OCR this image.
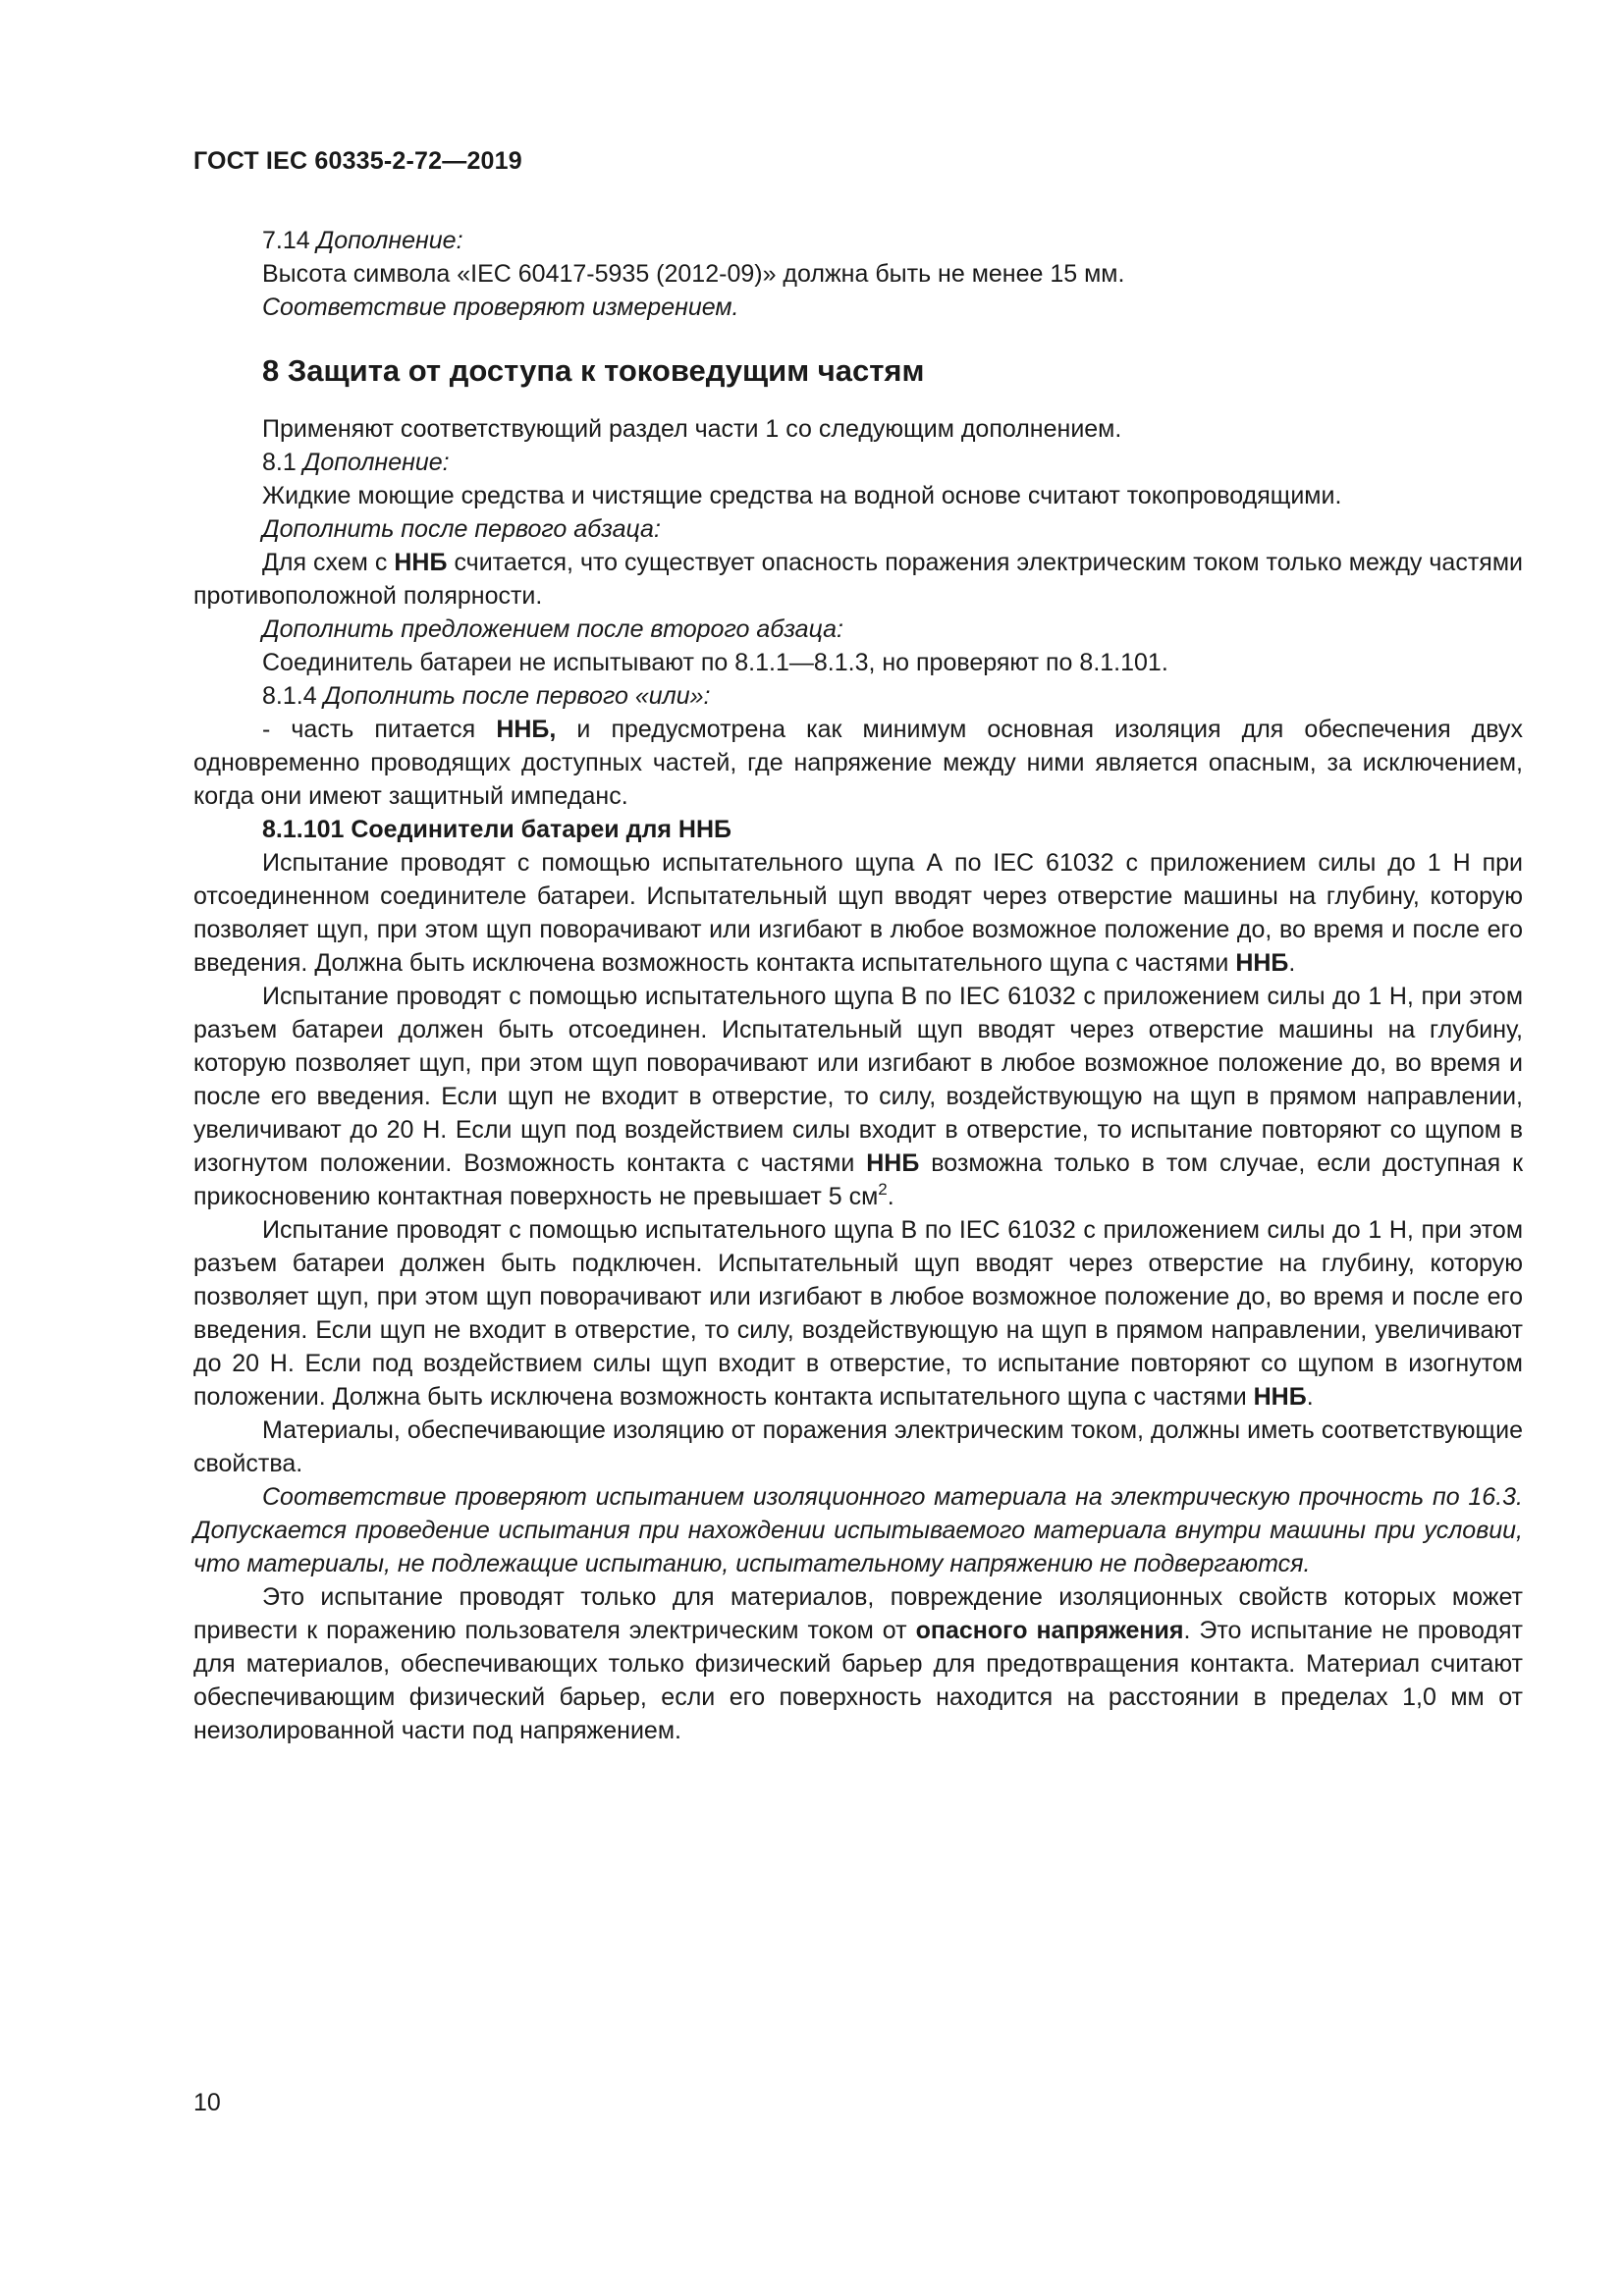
ГОСТ IEC 60335-2-72—2019

7.14 Дополнение:

Высота символа «IEC 60417-5935 (2012-09)» должна быть не менее 15 мм.

Соответствие проверяют измерением.

8 Защита от доступа к токоведущим частям

Применяют соответствующий раздел части 1 со следующим дополнением.

8.1 Дополнение:

Жидкие моющие средства и чистящие средства на водной основе считают токопроводящими.

Дополнить после первого абзаца:

Для схем с ННБ считается, что существует опасность поражения электрическим током только между частями противоположной полярности.

Дополнить предложением после второго абзаца:

Соединитель батареи не испытывают по 8.1.1—8.1.3, но проверяют по 8.1.101.

8.1.4 Дополнить после первого «или»:

- часть питается ННБ, и предусмотрена как минимум основная изоляция для обеспечения двух одновременно проводящих доступных частей, где напряжение между ними является опасным, за исключением, когда они имеют защитный импеданс.

8.1.101 Соединители батареи для ННБ

Испытание проводят с помощью испытательного щупа А по IEC 61032 с приложением силы до 1 Н при отсоединенном соединителе батареи. Испытательный щуп вводят через отверстие машины на глубину, которую позволяет щуп, при этом щуп поворачивают или изгибают в любое возможное положение до, во время и после его введения. Должна быть исключена возможность контакта испытательного щупа с частями ННБ.

Испытание проводят с помощью испытательного щупа В по IEC 61032 с приложением силы до 1 Н, при этом разъем батареи должен быть отсоединен. Испытательный щуп вводят через отверстие машины на глубину, которую позволяет щуп, при этом щуп поворачивают или изгибают в любое возможное положение до, во время и после его введения. Если щуп не входит в отверстие, то силу, воздействующую на щуп в прямом направлении, увеличивают до 20 Н. Если щуп под воздействием силы входит в отверстие, то испытание повторяют со щупом в изогнутом положении. Возможность контакта с частями ННБ возможна только в том случае, если доступная к прикосновению контактная поверхность не превышает 5 $см^2$.

Испытание проводят с помощью испытательного щупа В по IEC 61032 с приложением силы до 1 Н, при этом разъем батареи должен быть подключен. Испытательный щуп вводят через отверстие на глубину, которую позволяет щуп, при этом щуп поворачивают или изгибают в любое возможное положение до, во время и после его введения. Если щуп не входит в отверстие, то силу, воздействующую на щуп в прямом направлении, увеличивают до 20 Н. Если под воздействием силы щуп входит в отверстие, то испытание повторяют со щупом в изогнутом положении. Должна быть исключена возможность контакта испытательного щупа с частями ННБ.

Материалы, обеспечивающие изоляцию от поражения электрическим током, должны иметь соответствующие свойства.

Соответствие проверяют испытанием изоляционного материала на электрическую прочность по 16.3. Допускается проведение испытания при нахождении испытываемого материала внутри машины при условии, что материалы, не подлежащие испытанию, испытательному напряжению не подвергаются.

Это испытание проводят только для материалов, повреждение изоляционных свойств которых может привести к поражению пользователя электрическим током от опасного напряжения. Это испытание не проводят для материалов, обеспечивающих только физический барьер для предотвращения контакта. Материал считают обеспечивающим физический барьер, если его поверхность находится на расстоянии в пределах 1,0 мм от неизолированной части под напряжением.

10
